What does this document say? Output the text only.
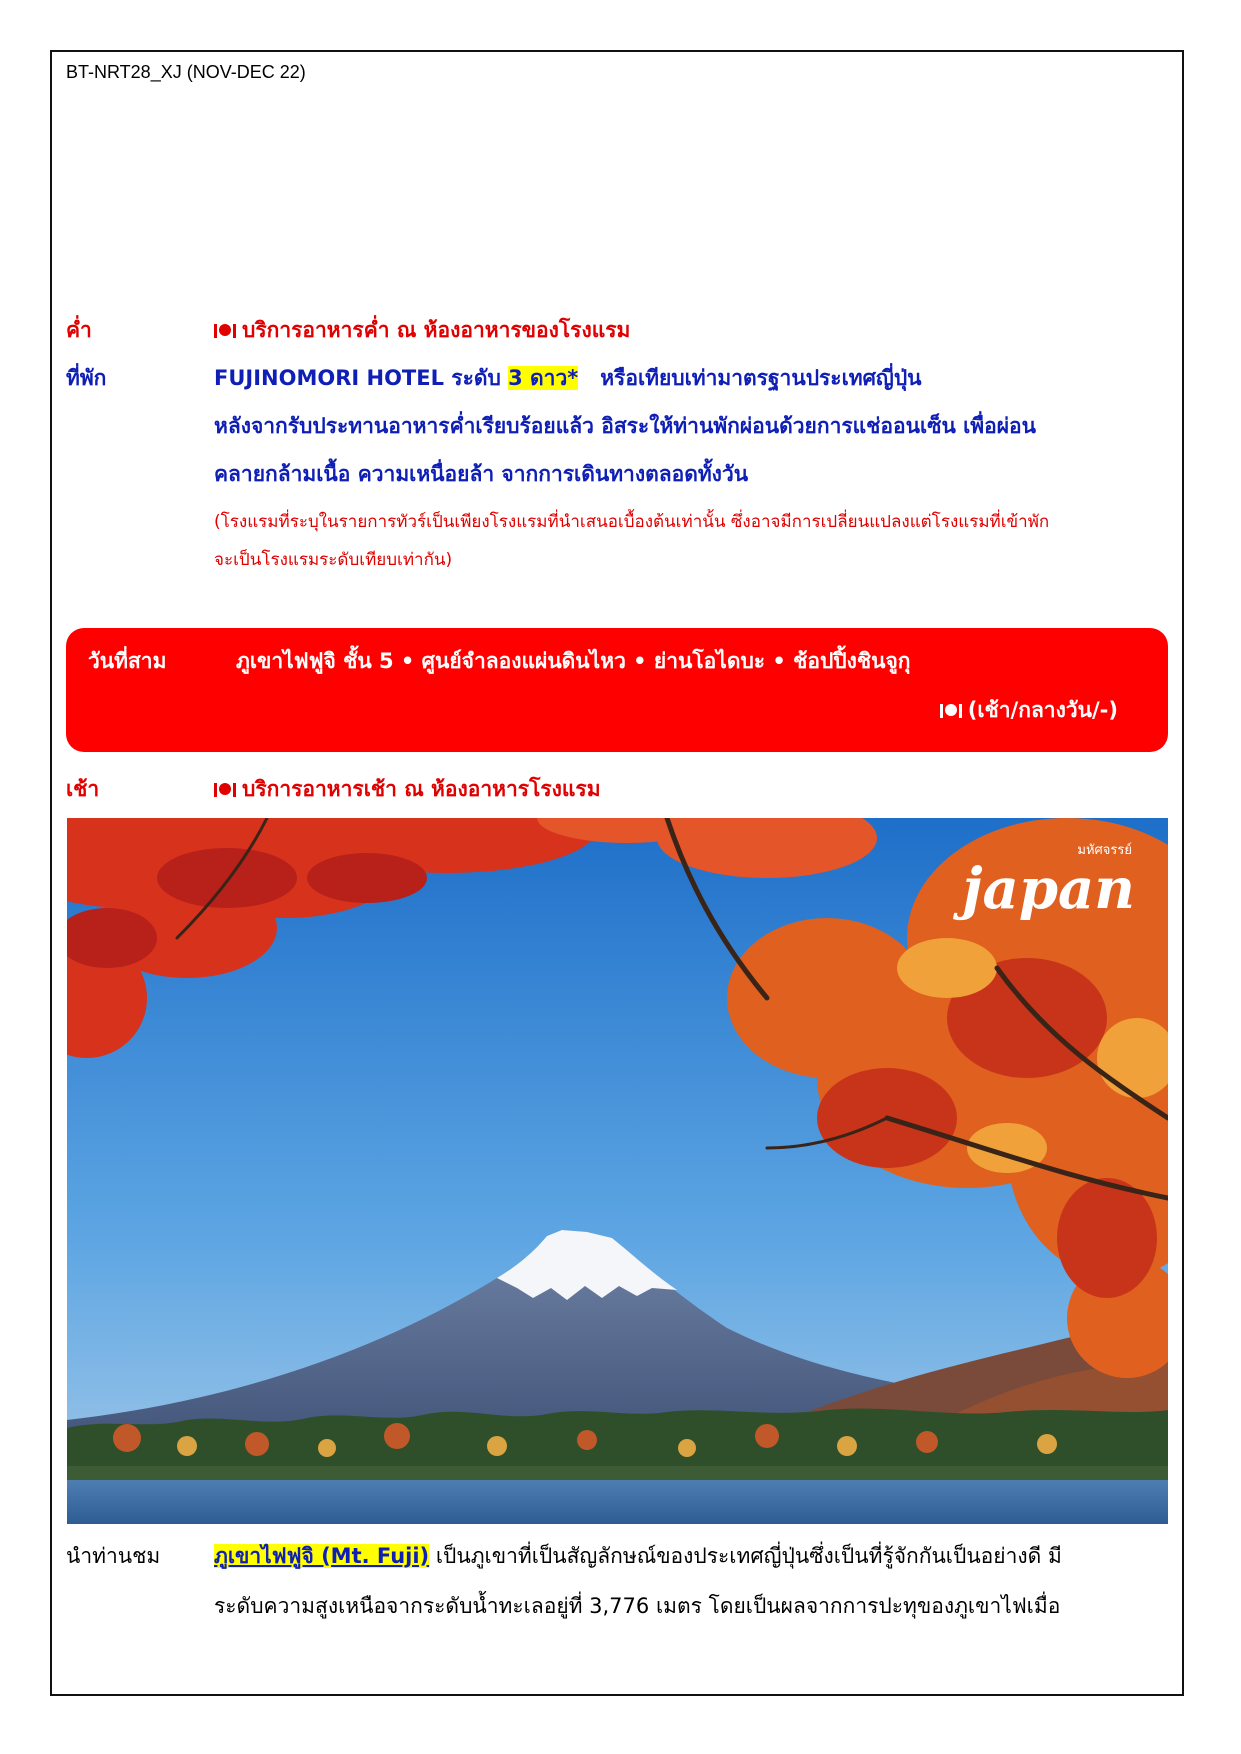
BT-NRT28_XJ (NOV-DEC 22)
ค่ำ	บริการอาหารค่ำ ณ ห้องอาหารของโรงแรม
ที่พัก	FUJINOMORI HOTEL ระดับ 3 ดาว* หรือเทียบเท่ามาตรฐานประเทศญี่ปุ่น
หลังจากรับประทานอาหารค่ำเรียบร้อยแล้ว อิสระให้ท่านพักผ่อนด้วยการแช่ออนเซ็น เพื่อผ่อน
คลายกล้ามเนื้อ ความเหนื่อยล้า จากการเดินทางตลอดทั้งวัน
(โรงแรมที่ระบุในรายการทัวร์เป็นเพียงโรงแรมที่นำเสนอเบื้องต้นเท่านั้น ซึ่งอาจมีการเปลี่ยนแปลงแต่โรงแรมที่เข้าพัก
จะเป็นโรงแรมระดับเทียบเท่ากัน)
วันที่สาม	ภูเขาไฟฟูจิ ชั้น 5 • ศูนย์จำลองแผ่นดินไหว • ย่านโอไดบะ • ช้อปปิ้งชินจูกุ
(เช้า/กลางวัน/-)
เช้า	บริการอาหารเช้า ณ ห้องอาหารโรงแรม
มหัศจรรย์
japan
นำท่านชม	ภูเขาไฟฟูจิ (Mt. Fuji) เป็นภูเขาที่เป็นสัญลักษณ์ของประเทศญี่ปุ่นซึ่งเป็นที่รู้จักกันเป็นอย่างดี มี
ระดับความสูงเหนือจากระดับน้ำทะเลอยู่ที่ 3,776 เมตร โดยเป็นผลจากการปะทุของภูเขาไฟเมื่อ
